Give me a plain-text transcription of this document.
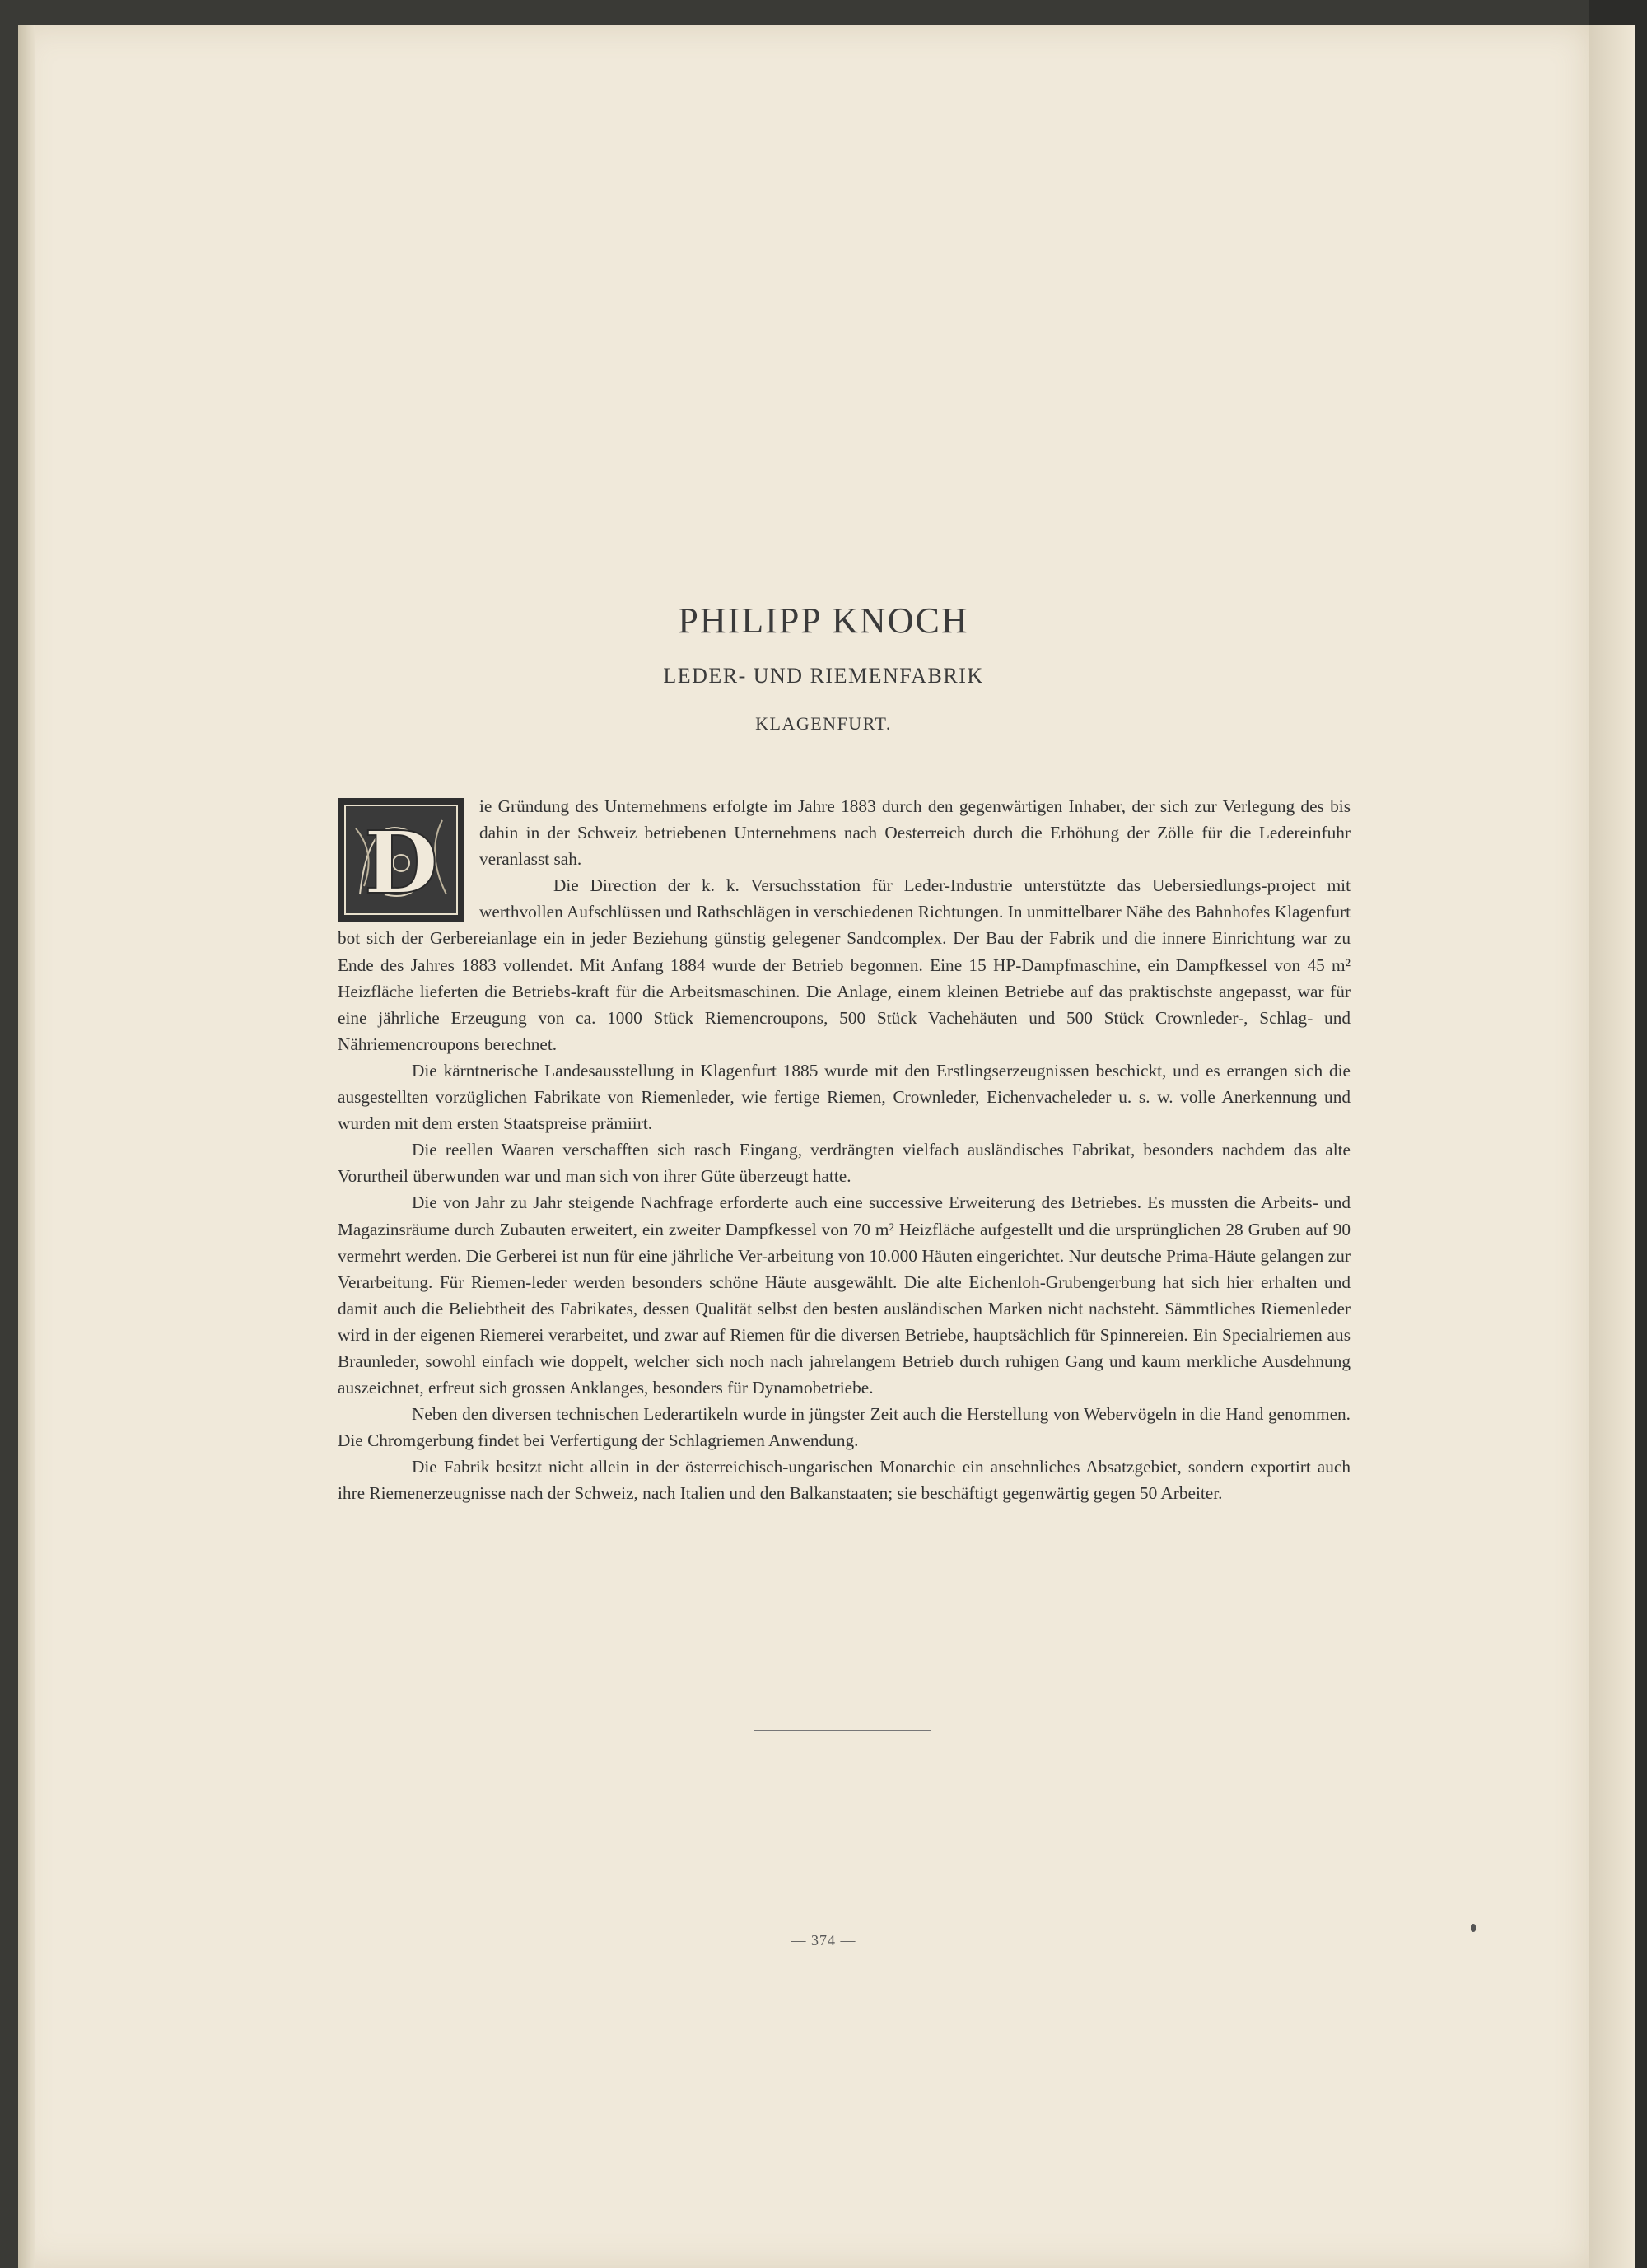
PHILIPP KNOCH
LEDER- UND RIEMENFABRIK
KLAGENFURT.
D

ie Gründung des Unternehmens erfolgte im Jahre 1883 durch den gegenwärtigen Inhaber, der sich zur Verlegung des bis dahin in der Schweiz betriebenen Unternehmens nach Oesterreich durch die Erhöhung der Zölle für die Ledereinfuhr veranlasst sah.

Die Direction der k. k. Versuchsstation für Leder-Industrie unterstützte das Uebersiedlungs-project mit werthvollen Aufschlüssen und Rathschlägen in verschiedenen Richtungen. In unmittelbarer Nähe des Bahnhofes Klagenfurt bot sich der Gerbereianlage ein in jeder Beziehung günstig gelegener Sandcomplex. Der Bau der Fabrik und die innere Einrichtung war zu Ende des Jahres 1883 vollendet. Mit Anfang 1884 wurde der Betrieb begonnen. Eine 15 HP-Dampfmaschine, ein Dampfkessel von 45 m² Heizfläche lieferten die Betriebs-kraft für die Arbeitsmaschinen. Die Anlage, einem kleinen Betriebe auf das praktischste angepasst, war für eine jährliche Erzeugung von ca. 1000 Stück Riemencroupons, 500 Stück Vachehäuten und 500 Stück Crownleder-, Schlag- und Nähriemencroupons berechnet.

Die kärntnerische Landesausstellung in Klagenfurt 1885 wurde mit den Erstlingserzeugnissen beschickt, und es errangen sich die ausgestellten vorzüglichen Fabrikate von Riemenleder, wie fertige Riemen, Crownleder, Eichenvacheleder u. s. w. volle Anerkennung und wurden mit dem ersten Staatspreise prämiirt.

Die reellen Waaren verschafften sich rasch Eingang, verdrängten vielfach ausländisches Fabrikat, besonders nachdem das alte Vorurtheil überwunden war und man sich von ihrer Güte überzeugt hatte.

Die von Jahr zu Jahr steigende Nachfrage erforderte auch eine successive Erweiterung des Betriebes. Es mussten die Arbeits- und Magazinsräume durch Zubauten erweitert, ein zweiter Dampfkessel von 70 m² Heizfläche aufgestellt und die ursprünglichen 28 Gruben auf 90 vermehrt werden. Die Gerberei ist nun für eine jährliche Ver-arbeitung von 10.000 Häuten eingerichtet. Nur deutsche Prima-Häute gelangen zur Verarbeitung. Für Riemen-leder werden besonders schöne Häute ausgewählt. Die alte Eichenloh-Grubengerbung hat sich hier erhalten und damit auch die Beliebtheit des Fabrikates, dessen Qualität selbst den besten ausländischen Marken nicht nachsteht. Sämmtliches Riemenleder wird in der eigenen Riemerei verarbeitet, und zwar auf Riemen für die diversen Betriebe, hauptsächlich für Spinnereien. Ein Specialriemen aus Braunleder, sowohl einfach wie doppelt, welcher sich noch nach jahrelangem Betrieb durch ruhigen Gang und kaum merkliche Ausdehnung auszeichnet, erfreut sich grossen Anklanges, besonders für Dynamobetriebe.

Neben den diversen technischen Lederartikeln wurde in jüngster Zeit auch die Herstellung von Webervögeln in die Hand genommen. Die Chromgerbung findet bei Verfertigung der Schlagriemen Anwendung.

Die Fabrik besitzt nicht allein in der österreichisch-ungarischen Monarchie ein ansehnliches Absatzgebiet, sondern exportirt auch ihre Riemenerzeugnisse nach der Schweiz, nach Italien und den Balkanstaaten; sie beschäftigt gegenwärtig gegen 50 Arbeiter.

— 374 —
